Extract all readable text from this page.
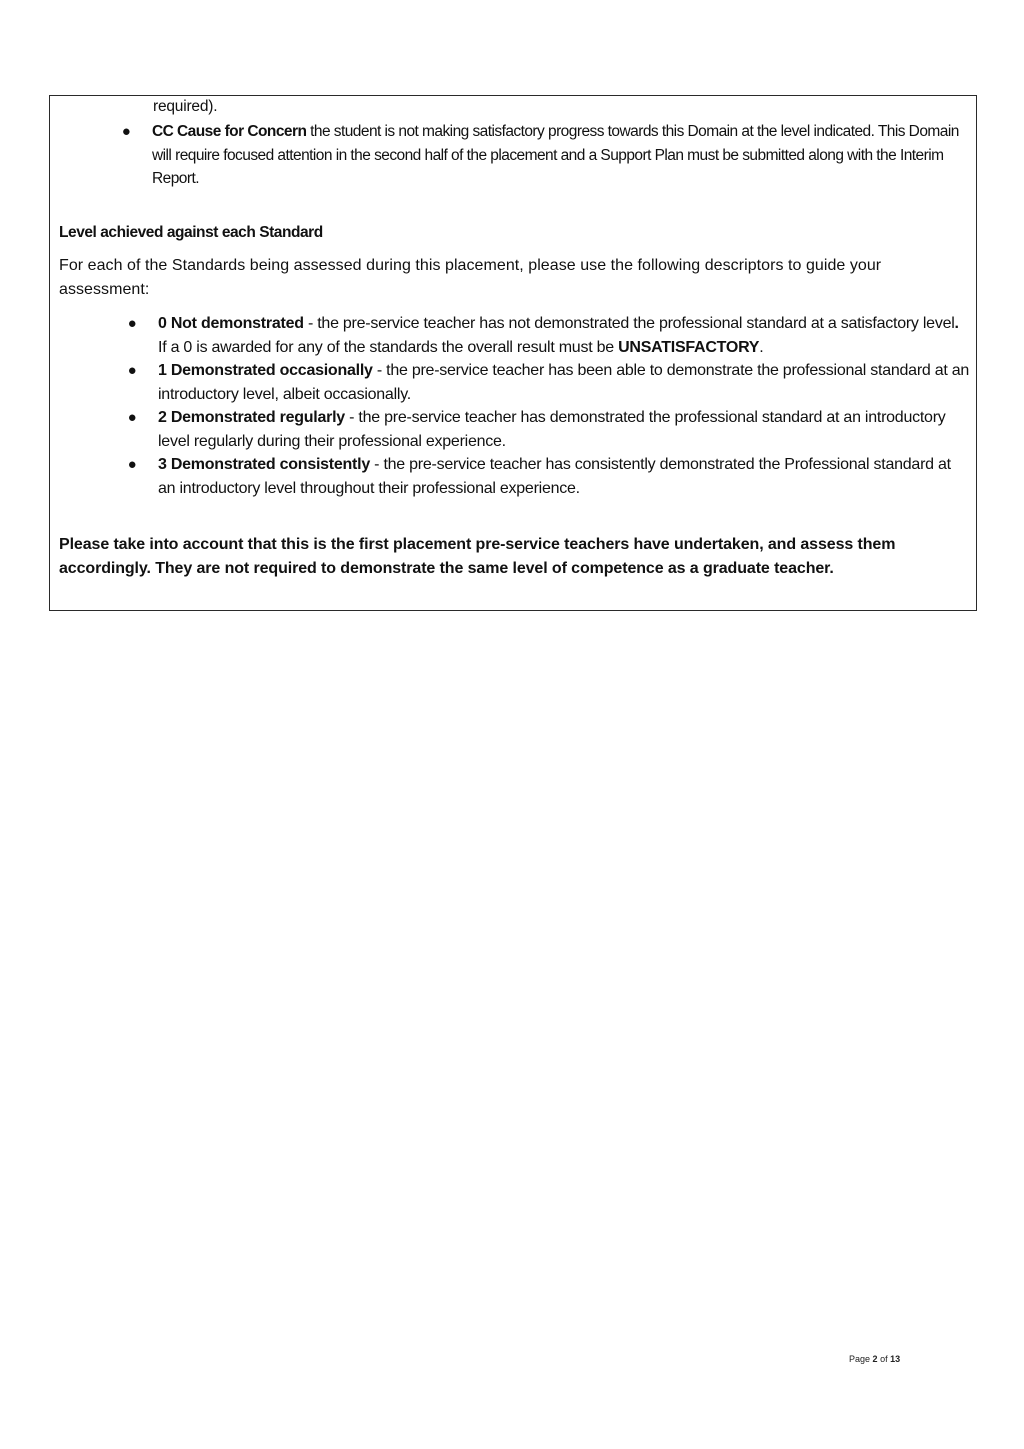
required).
● CC Cause for Concern the student is not making satisfactory progress towards this Domain at the level indicated. This Domain will require focused attention in the second half of the placement and a Support Plan must be submitted along with the Interim Report.
Level achieved against each Standard
For each of the Standards being assessed during this placement, please use the following descriptors to guide your assessment:
● 0 Not demonstrated - the pre-service teacher has not demonstrated the professional standard at a satisfactory level. If a 0 is awarded for any of the standards the overall result must be UNSATISFACTORY.
● 1 Demonstrated occasionally - the pre-service teacher has been able to demonstrate the professional standard at an introductory level, albeit occasionally.
● 2 Demonstrated regularly - the pre-service teacher has demonstrated the professional standard at an introductory level regularly during their professional experience.
● 3 Demonstrated consistently - the pre-service teacher has consistently demonstrated the Professional standard at an introductory level throughout their professional experience.
Please take into account that this is the first placement pre-service teachers have undertaken, and assess them accordingly. They are not required to demonstrate the same level of competence as a graduate teacher.
Page 2 of 13
